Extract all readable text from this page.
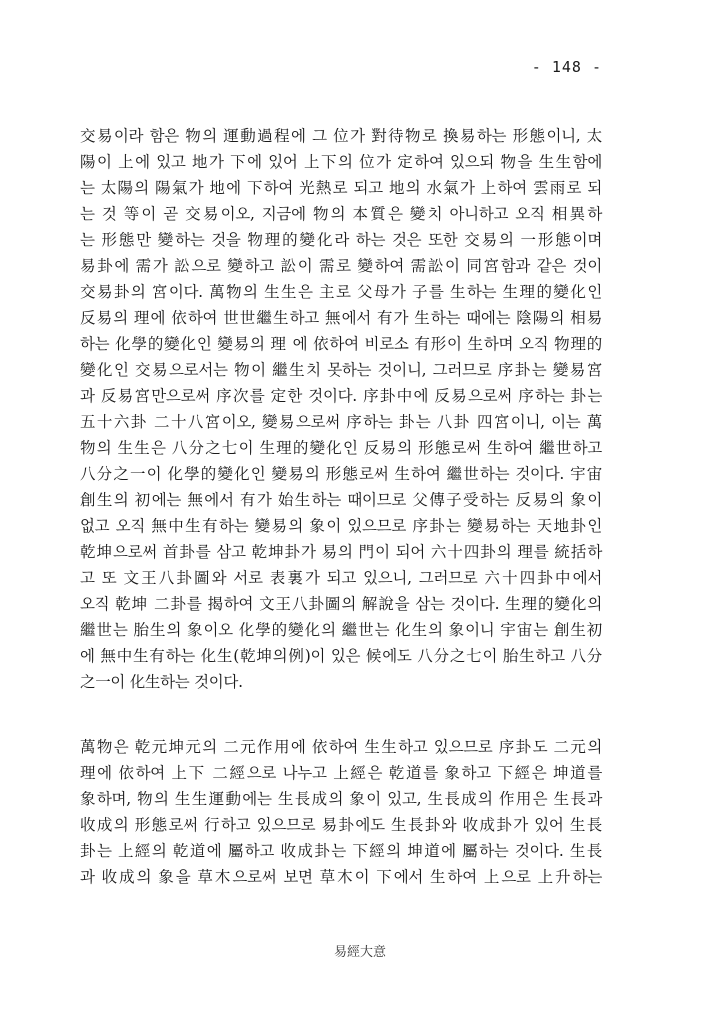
- 148 -
交易이라 함은 物의 運動過程에 그 位가 對待物로 換易하는 形態이니, 太
陽이 上에 있고 地가 下에 있어 上下의 位가 定하여 있으되 物을 生生함에
는 太陽의 陽氣가 地에 下하여 光熱로 되고 地의 水氣가 上하여 雲雨로 되
는 것 等이 곧 交易이오, 지금에 物의 本質은 變치 아니하고 오직 相異하
는 形態만 變하는 것을 物理的變化라 하는 것은 또한 交易의 一形態이며
易卦에 需가 訟으로 變하고 訟이 需로 變하여 需訟이 同宮함과 같은 것이
交易卦의 宮이다. 萬物의 生生은 主로 父母가 子를 生하는 生理的變化인
反易의 理에 依하여 世世繼生하고 無에서 有가 生하는 때에는 陰陽의 相易
하는 化學的變化인 變易의 理 에 依하여 비로소 有形이 生하며 오직 物理的
變化인 交易으로서는 物이 繼生치 못하는 것이니, 그러므로 序卦는 變易宮
과 反易宮만으로써 序次를 定한 것이다. 序卦中에 反易으로써 序하는 卦는
五十六卦 二十八宮이오, 變易으로써 序하는 卦는 八卦 四宮이니, 이는 萬
物의 生生은 八分之七이 生理的變化인 反易의 形態로써 生하여 繼世하고
八分之一이 化學的變化인 變易의 形態로써 生하여 繼世하는 것이다. 宇宙
創生의 初에는 無에서 有가 始生하는 때이므로 父傳子受하는 反易의 象이
없고 오직 無中生有하는 變易의 象이 있으므로 序卦는 變易하는 天地卦인
乾坤으로써 首卦를 삼고 乾坤卦가 易의 門이 되어 六十四卦의 理를 統括하
고 또 文王八卦圖와 서로 表裏가 되고 있으니, 그러므로 六十四卦中에서
오직 乾坤 二卦를 揭하여 文王八卦圖의 解說을 삼는 것이다. 生理的變化의
繼世는 胎生의 象이오 化學的變化의 繼世는 化生의 象이니 宇宙는 創生初
에 無中生有하는 化生(乾坤의例)이 있은 候에도 八分之七이 胎生하고 八分
之一이 化生하는 것이다.
萬物은 乾元坤元의 二元作用에 依하여 生生하고 있으므로 序卦도 二元의
理에 依하여 上下 二經으로 나누고 上經은 乾道를 象하고 下經은 坤道를
象하며, 物의 生生運動에는 生長成의 象이 있고, 生長成의 作用은 生長과
收成의 形態로써 行하고 있으므로 易卦에도 生長卦와 收成卦가 있어 生長
卦는 上經의 乾道에 屬하고 收成卦는 下經의 坤道에 屬하는 것이다. 生長
과 收成의 象을 草木으로써 보면 草木이 下에서 生하여 上으로 上升하는
易經大意
